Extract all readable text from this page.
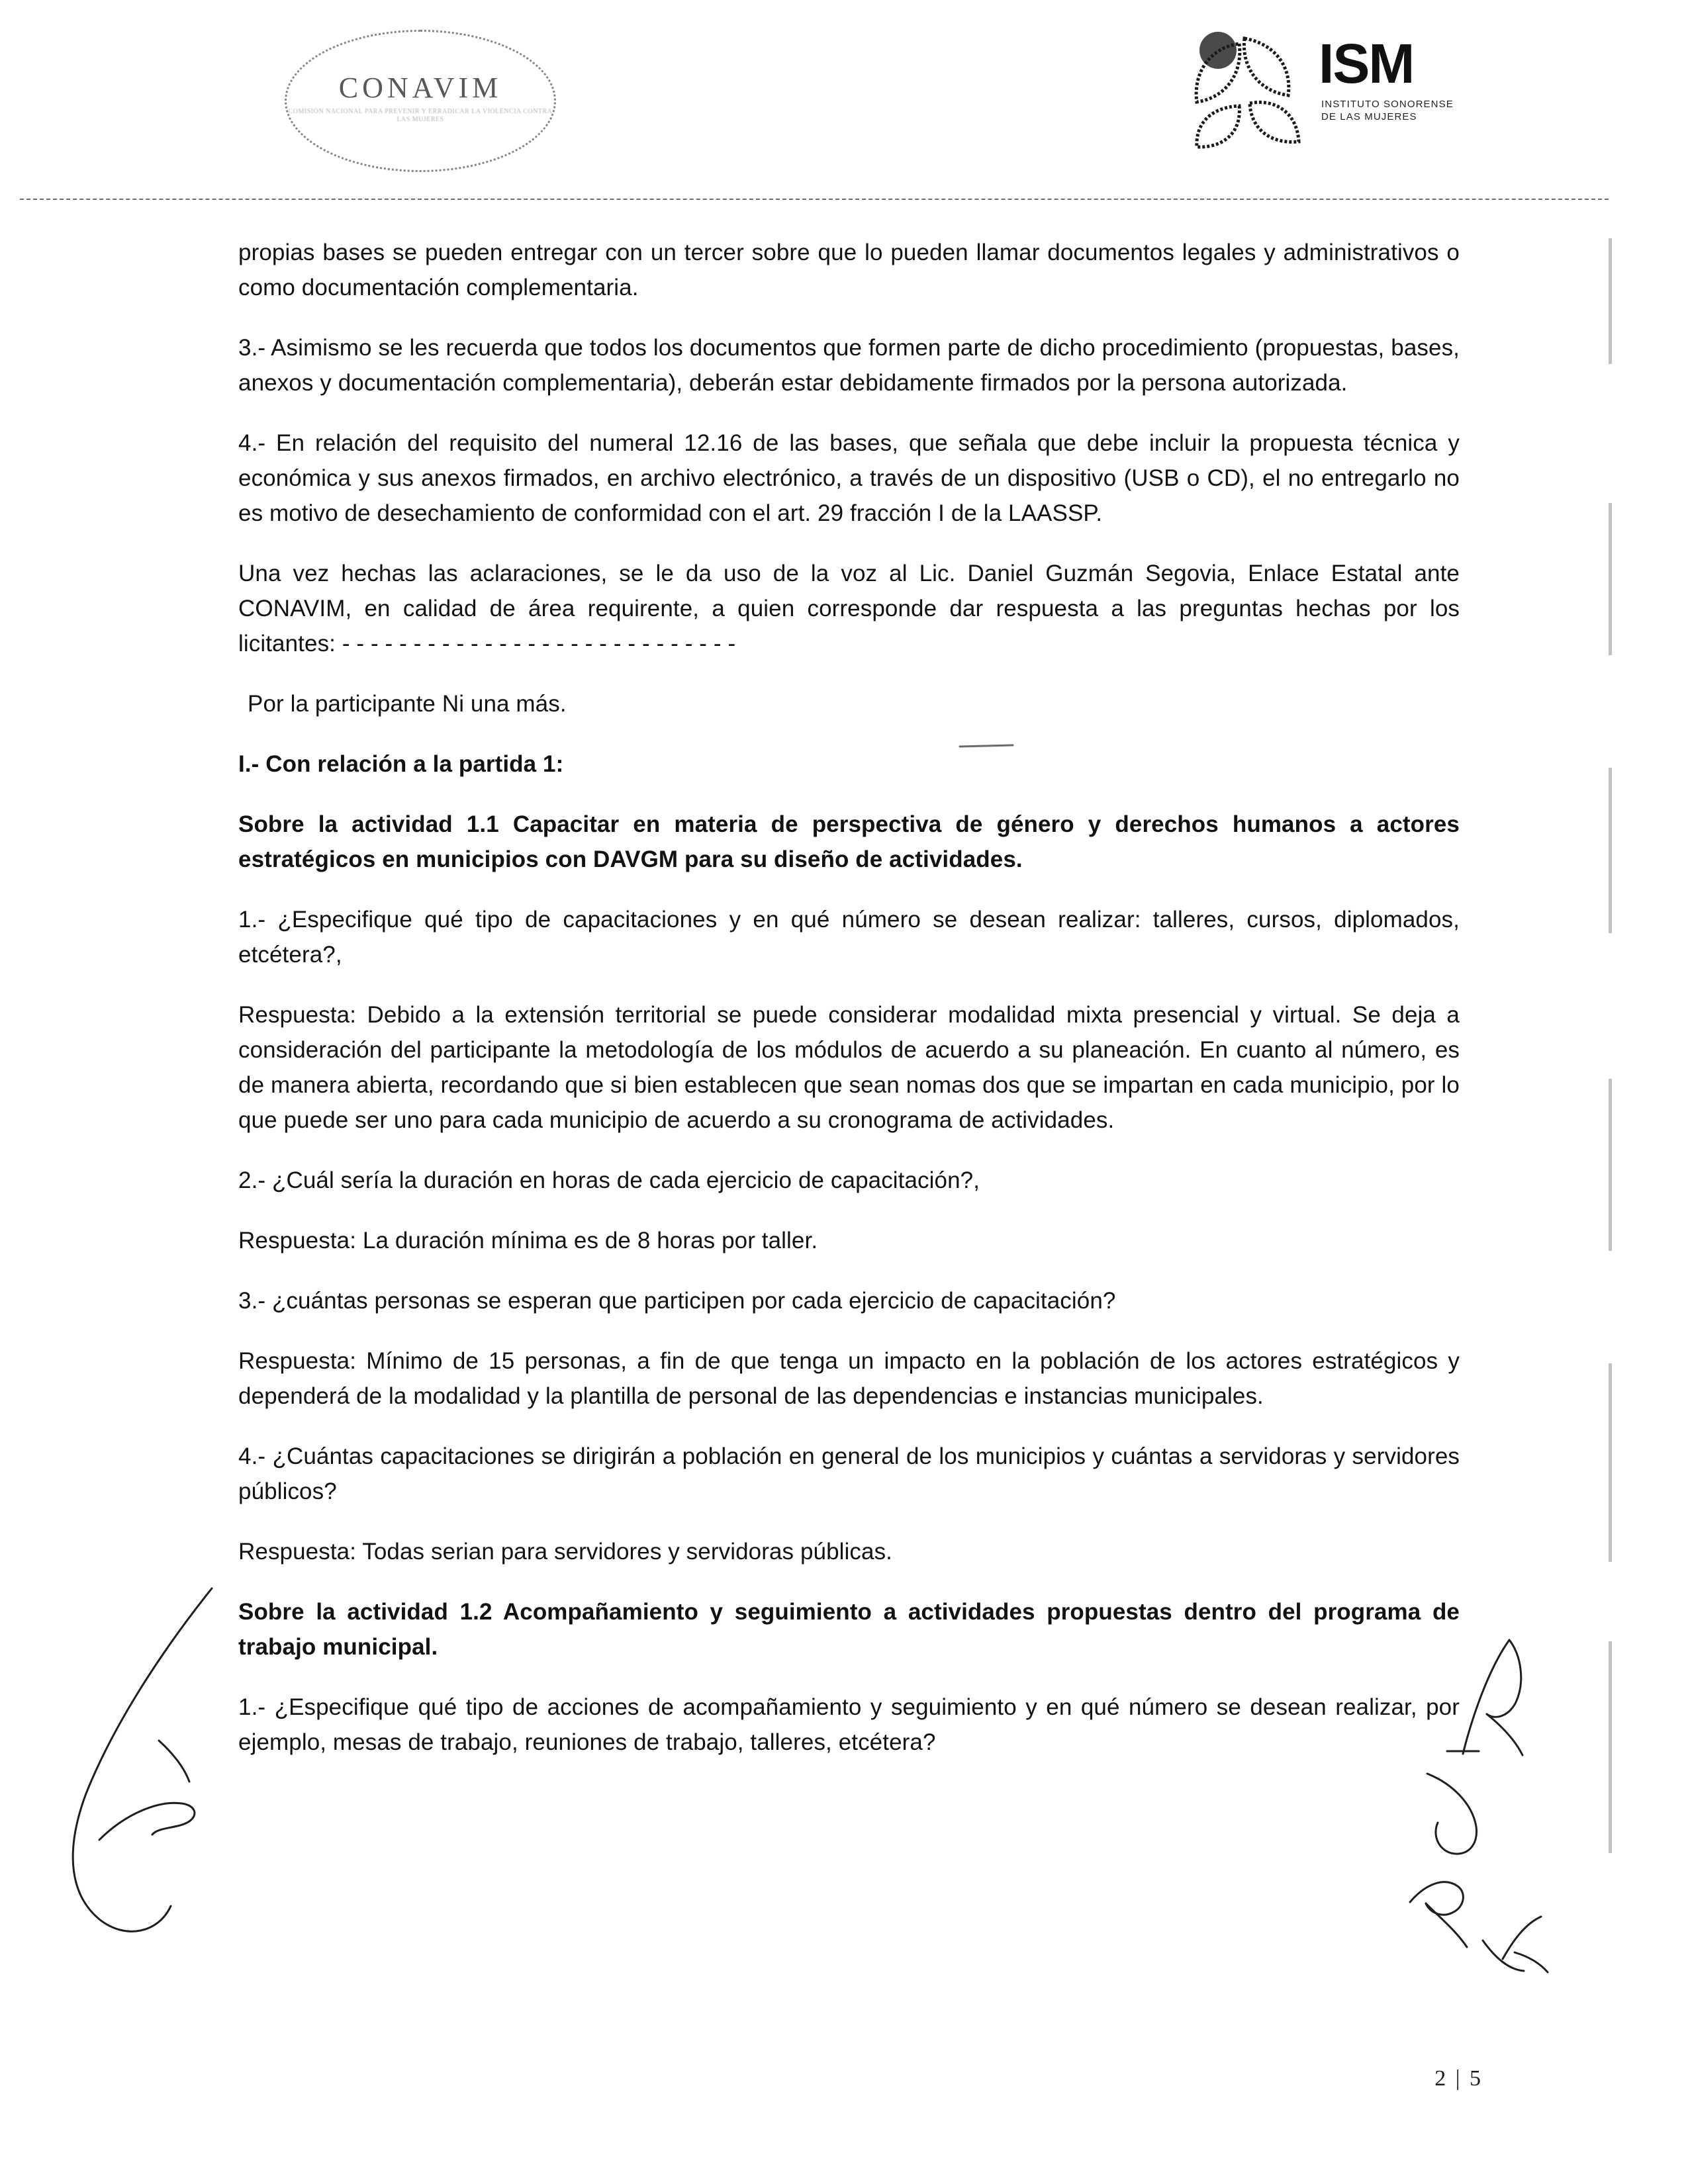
CONAVIM
COMISIÓN NACIONAL PARA PREVENIR Y ERRADICAR LA VIOLENCIA CONTRA LAS MUJERES
ISM
INSTITUTO SONORENSE
DE LAS MUJERES

propias bases se pueden entregar con un tercer sobre que lo pueden llamar documentos legales y administrativos o como documentación complementaria.

3.- Asimismo se les recuerda que todos los documentos que formen parte de dicho procedimiento (propuestas, bases, anexos y documentación complementaria), deberán estar debidamente firmados por la persona autorizada.

4.- En relación del requisito del numeral 12.16 de las bases, que señala que debe incluir la propuesta técnica y económica y sus anexos firmados, en archivo electrónico, a través de un dispositivo (USB o CD), el no entregarlo no es motivo de desechamiento de conformidad con el art. 29 fracción I de la LAASSP.

Una vez hechas las aclaraciones, se le da uso de la voz al Lic. Daniel Guzmán Segovia, Enlace Estatal ante CONAVIM, en calidad de área requirente, a quien corresponde dar respuesta a las preguntas hechas por los licitantes: - - - - - - - - - - - - - - - - - - - - - - - - - - - -

Por la participante Ni una más.

I.- Con relación a la partida 1:

Sobre la actividad 1.1 Capacitar en materia de perspectiva de género y derechos humanos a actores estratégicos en municipios con DAVGM para su diseño de actividades.

1.- ¿Especifique qué tipo de capacitaciones y en qué número se desean realizar: talleres, cursos, diplomados, etcétera?,

Respuesta: Debido a la extensión territorial se puede considerar modalidad mixta presencial y virtual. Se deja a consideración del participante la metodología de los módulos de acuerdo a su planeación. En cuanto al número, es de manera abierta, recordando que si bien establecen que sean nomas dos que se impartan en cada municipio, por lo que puede ser uno para cada municipio de acuerdo a su cronograma de actividades.

2.- ¿Cuál sería la duración en horas de cada ejercicio de capacitación?,

Respuesta: La duración mínima es de 8 horas por taller.

3.- ¿cuántas personas se esperan que participen por cada ejercicio de capacitación?

Respuesta: Mínimo de 15 personas, a fin de que tenga un impacto en la población de los actores estratégicos y dependerá de la modalidad y la plantilla de personal de las dependencias e instancias municipales.

4.- ¿Cuántas capacitaciones se dirigirán a población en general de los municipios y cuántas a servidoras y servidores públicos?

Respuesta: Todas serian para servidores y servidoras públicas.

Sobre la actividad 1.2 Acompañamiento y seguimiento a actividades propuestas dentro del programa de trabajo municipal.

1.- ¿Especifique qué tipo de acciones de acompañamiento y seguimiento y en qué número se desean realizar, por ejemplo, mesas de trabajo, reuniones de trabajo, talleres, etcétera?

2 | 5
